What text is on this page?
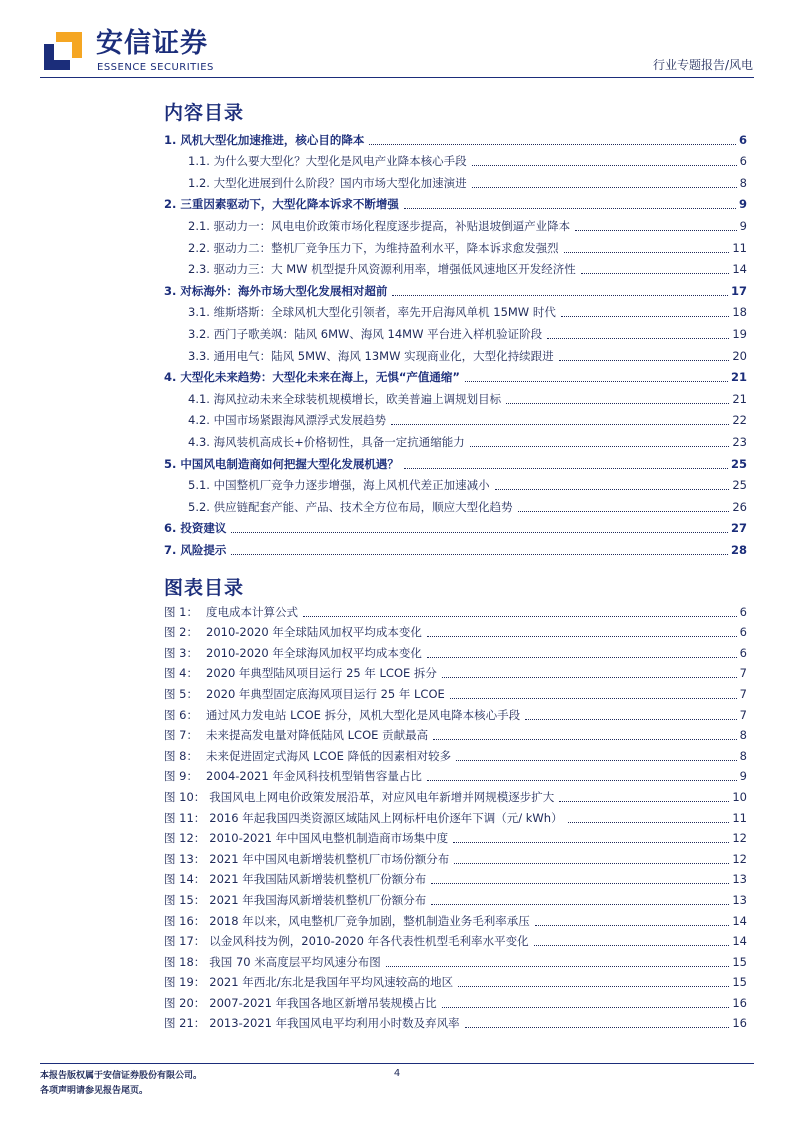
安信证券
ESSENCE SECURITIES	行业专题报告/风电
内容目录
1. 风机大型化加速推进，核心目的降本	6
1.1. 为什么要大型化？大型化是风电产业降本核心手段	6
1.2. 大型化进展到什么阶段？国内市场大型化加速演进	8
2. 三重因素驱动下，大型化降本诉求不断增强	9
2.1. 驱动力一：风电电价政策市场化程度逐步提高，补贴退坡倒逼产业降本	9
2.2. 驱动力二：整机厂竞争压力下，为维持盈利水平，降本诉求愈发强烈	11
2.3. 驱动力三：大 MW 机型提升风资源利用率，增强低风速地区开发经济性	14
3. 对标海外：海外市场大型化发展相对超前	17
3.1. 维斯塔斯：全球风机大型化引领者，率先开启海风单机 15MW 时代	18
3.2. 西门子歌美飒：陆风 6MW、海风 14MW 平台进入样机验证阶段	19
3.3. 通用电气：陆风 5MW、海风 13MW 实现商业化，大型化持续跟进	20
4. 大型化未来趋势：大型化未来在海上，无惧“产值通缩”	21
4.1. 海风拉动未来全球装机规模增长，欧美普遍上调规划目标	21
4.2. 中国市场紧跟海风漂浮式发展趋势	22
4.3. 海风装机高成长+价格韧性，具备一定抗通缩能力	23
5. 中国风电制造商如何把握大型化发展机遇？	25
5.1. 中国整机厂竞争力逐步增强，海上风机代差正加速减小	25
5.2. 供应链配套产能、产品、技术全方位布局，顺应大型化趋势	26
6. 投资建议	27
7. 风险提示	28
图表目录
图 1： 度电成本计算公式	6
图 2： 2010-2020 年全球陆风加权平均成本变化	6
图 3： 2010-2020 年全球海风加权平均成本变化	6
图 4： 2020 年典型陆风项目运行 25 年 LCOE 拆分	7
图 5： 2020 年典型固定底海风项目运行 25 年 LCOE	7
图 6： 通过风力发电站 LCOE 拆分，风机大型化是风电降本核心手段	7
图 7： 未来提高发电量对降低陆风 LCOE 贡献最高	8
图 8： 未来促进固定式海风 LCOE 降低的因素相对较多	8
图 9： 2004-2021 年金风科技机型销售容量占比	9
图 10： 我国风电上网电价政策发展沿革，对应风电年新增并网规模逐步扩大	10
图 11： 2016 年起我国四类资源区域陆风上网标杆电价逐年下调（元/ kWh）	11
图 12： 2010-2021 年中国风电整机制造商市场集中度	12
图 13： 2021 年中国风电新增装机整机厂市场份额分布	12
图 14： 2021 年我国陆风新增装机整机厂份额分布	13
图 15： 2021 年我国海风新增装机整机厂份额分布	13
图 16： 2018 年以来，风电整机厂竞争加剧，整机制造业务毛利率承压	14
图 17： 以金风科技为例，2010-2020 年各代表性机型毛利率水平变化	14
图 18： 我国 70 米高度层平均风速分布图	15
图 19： 2021 年西北/东北是我国年平均风速较高的地区	15
图 20： 2007-2021 年我国各地区新增吊装规模占比	16
图 21： 2013-2021 年我国风电平均利用小时数及弃风率	16
本报告版权属于安信证券股份有限公司。
各项声明请参见报告尾页。
4
